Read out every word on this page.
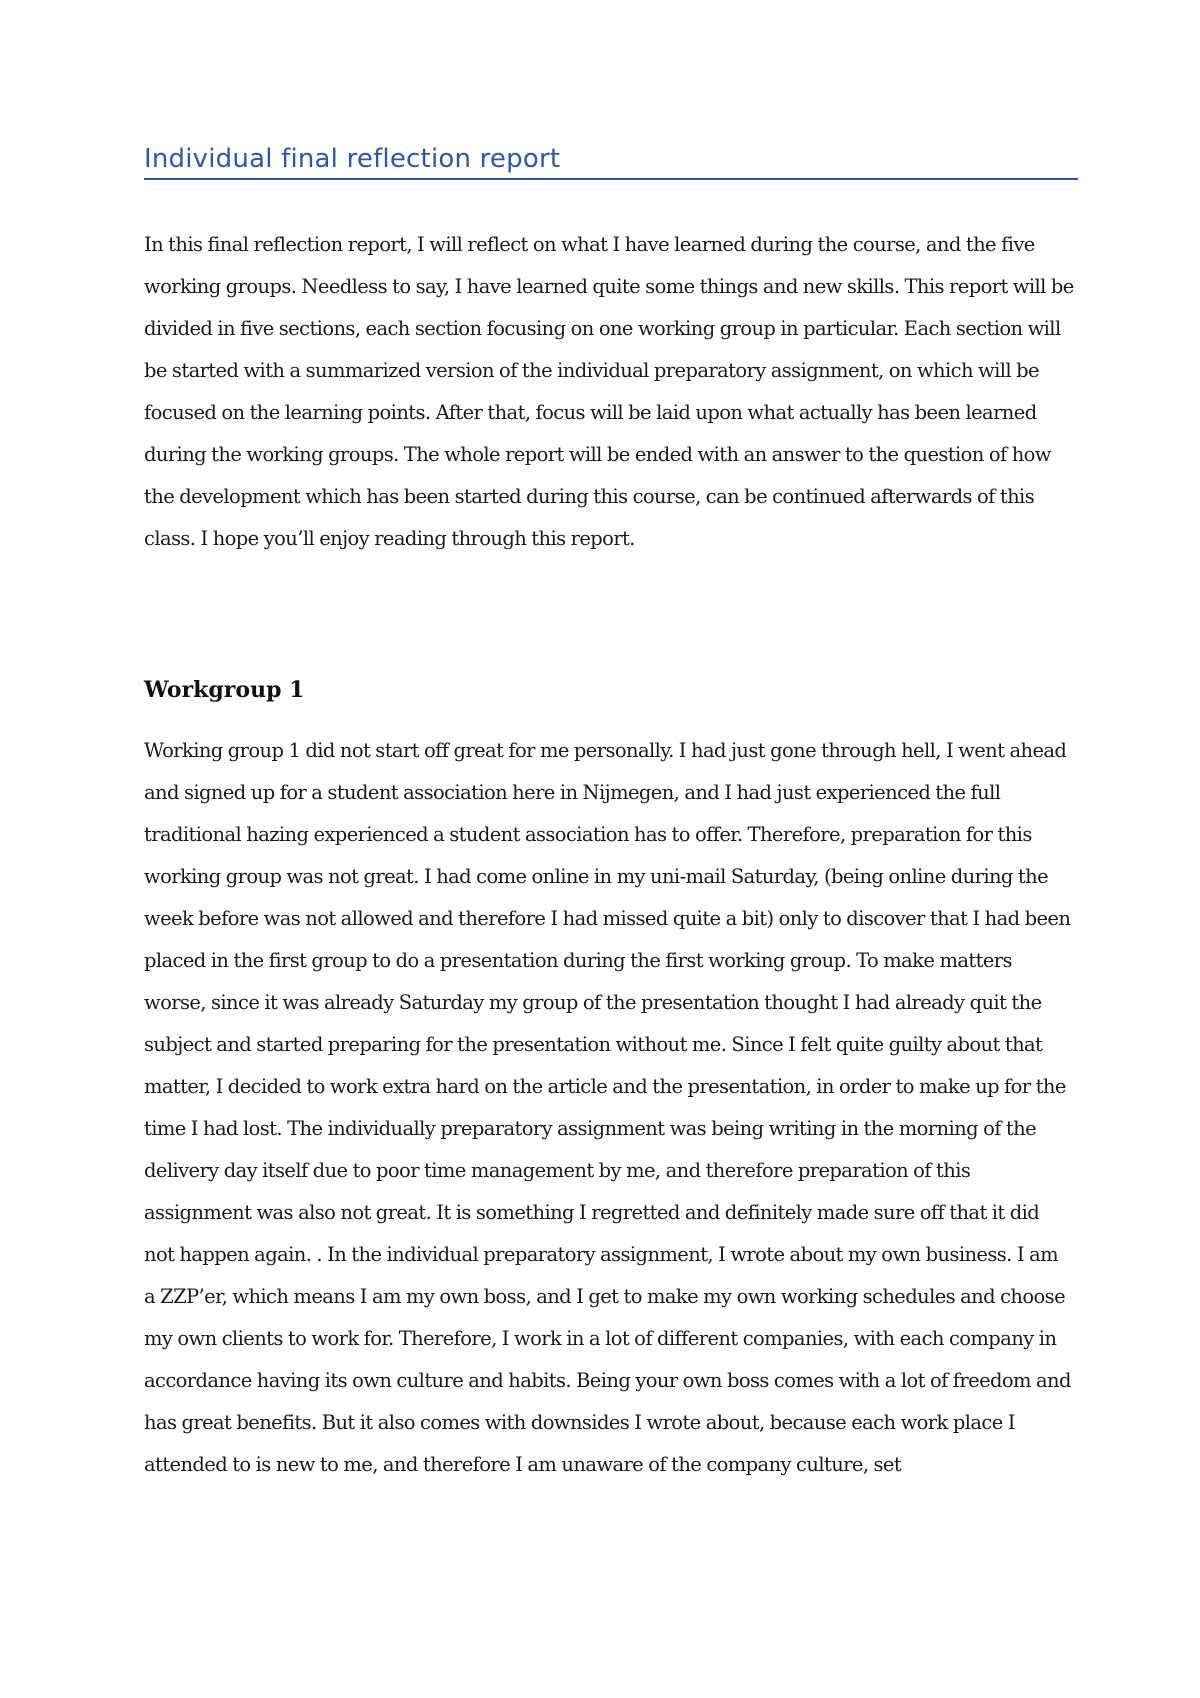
Individual final reflection report

In this final reflection report, I will reflect on what I have learned during the course, and the five working groups. Needless to say, I have learned quite some things and new skills. This report will be divided in five sections, each section focusing on one working group in particular. Each section will be started with a summarized version of the individual preparatory assignment, on which will be focused on the learning points. After that, focus will be laid upon what actually has been learned during the working groups. The whole report will be ended with an answer to the question of how the development which has been started during this course, can be continued afterwards of this class. I hope you’ll enjoy reading through this report.

Workgroup 1

Working group 1 did not start off great for me personally. I had just gone through hell, I went ahead and signed up for a student association here in Nijmegen, and I had just experienced the full traditional hazing experienced a student association has to offer. Therefore, preparation for this working group was not great. I had come online in my uni-mail Saturday, (being online during the week before was not allowed and therefore I had missed quite a bit) only to discover that I had been placed in the first group to do a presentation during the first working group. To make matters worse, since it was already Saturday my group of the presentation thought I had already quit the subject and started preparing for the presentation without me. Since I felt quite guilty about that matter, I decided to work extra hard on the article and the presentation, in order to make up for the time I had lost. The individually preparatory assignment was being writing in the morning of the delivery day itself due to poor time management by me, and therefore preparation of this assignment was also not great. It is something I regretted and definitely made sure off that it did not happen again. . In the individual preparatory assignment, I wrote about my own business. I am a ZZP’er, which means I am my own boss, and I get to make my own working schedules and choose my own clients to work for. Therefore, I work in a lot of different companies, with each company in accordance having its own culture and habits. Being your own boss comes with a lot of freedom and has great benefits. But it also comes with downsides I wrote about, because each work place I attended to is new to me, and therefore I am unaware of the company culture, set
